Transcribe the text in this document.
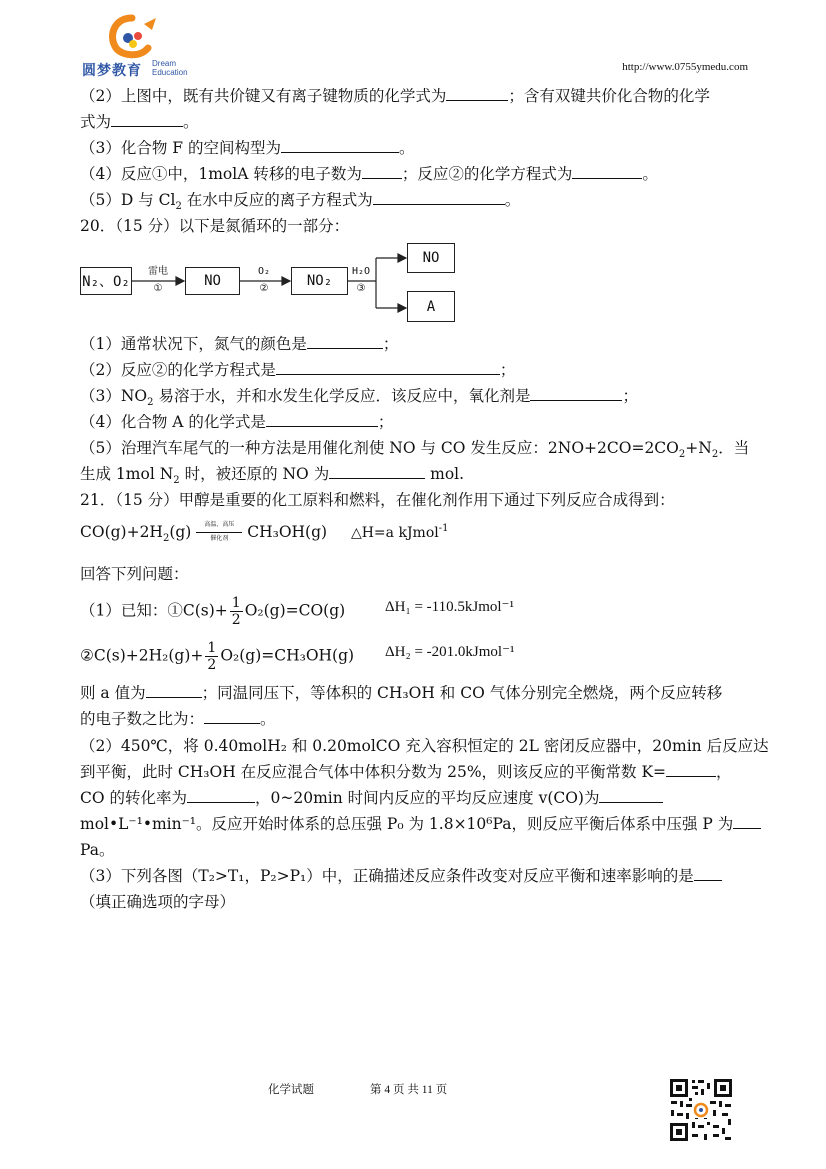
圆梦教育 Dream
Education	http://www.0755ymedu.com
（2）上图中，既有共价键又有离子键物质的化学式为	；含有双键共价化合物的化学
式为	。
（3）化合物 F 的空间构型为	。
（4）反应①中，1molA 转移的电子数为	；反应②的化学方程式为	。
（5）D 与 $Cl_2$ 在水中反应的离子方程式为	。
20．（15 分）以下是氮循环的一部分：
N₂、O₂
雷电
①	NO
O₂
②	NO₂
H₂O
③
NO
A
（1）通常状况下，氮气的颜色是	；
（2）反应②的化学方程式是	；
$(3)NO_2$ 易溶于水，并和水发生化学反应．该反应中，氧化剂是	；
（4）化合物 A 的化学式是	；
（5）治理汽车尾气的一种方法是用催化剂使 NO 与 CO 发生反应：$2NO+2CO=2CO_2+N_2$．当
生成 1mol $N_2$ 时，被还原的 NO 为	mol.
21．（15 分）甲醇是重要的化工原料和燃料，在催化剂作用下通过下列反应合成得到：
$CO(g)+2H_2(g)$	高温、高压
催化剂	CH₃OH(g) △H=a kJmol$^{-1}$
回答下列问题：
（1）已知：①C(s)+ $\frac{1}{2} O_2(g)=CO(g)$	ΔH₁ = -110.5kJmol⁻¹
②C(s)+2H₂(g)+ $\frac{1}{2} O_2(g)=CH_3OH(g) \Delta H_2$ = -201.0kJmol⁻¹
则 a 值为	；同温同压下，等体积的 CH₃OH 和 CO 气体分别完全燃烧，两个反应转移
的电子数之比为：	。
（2）450℃，将 0.40molH₂ 和 0.20molCO 充入容积恒定的 2L 密闭反应器中，20min 后反应达
到平衡，此时 CH₃OH 在反应混合气体中体积分数为 25%，则该反应的平衡常数 K=	，
CO 的转化率为	，0~20min 时间内反应的平均反应速度 v(CO)为
mol•L⁻¹•min⁻¹。反应开始时体系的总压强 P₀ 为 1.8×10⁶Pa，则反应平衡后体系中压强 P 为
Pa。
（3）下列各图（T₂>T₁，P₂>P₁）中，正确描述反应条件改变对反应平衡和速率影响的是
（填正确选项的字母）
化学试题	第 4 页 共 11 页
